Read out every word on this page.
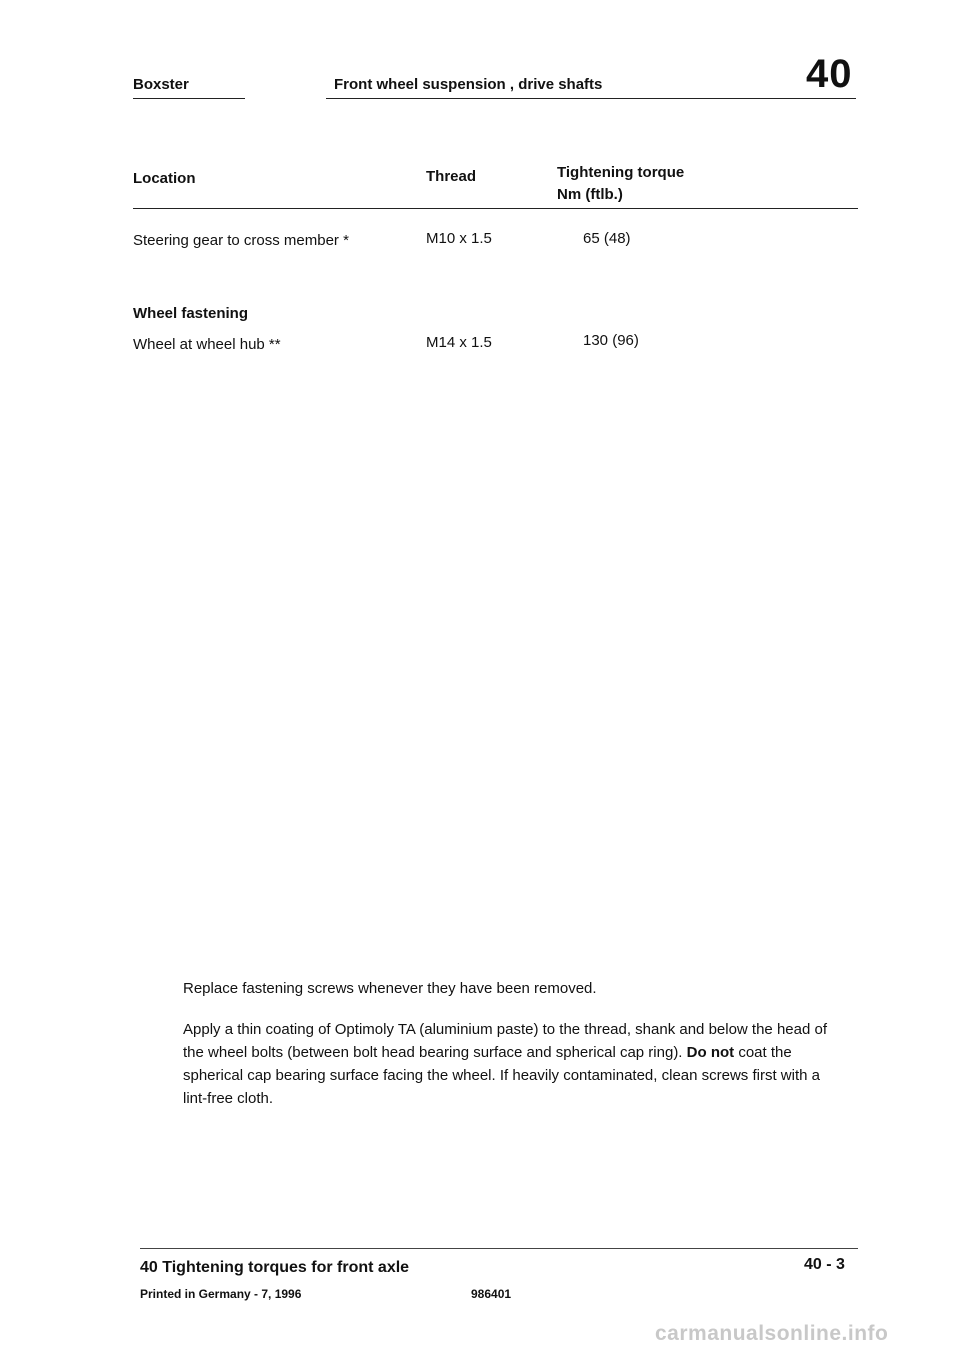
Boxster	Front wheel suspension , drive shafts	40
Location	Thread	Tightening torque
Nm (ftlb.)
Steering gear to cross member *	M10 x 1.5	65 (48)
Wheel fastening
Wheel at wheel hub **	M14 x 1.5	130 (96)
Replace fastening screws whenever they have been removed.
Apply a thin coating of Optimoly TA (aluminium paste) to the thread, shank and below the head of the wheel bolts (between bolt head bearing surface and spherical cap ring). Do not coat the spherical cap bearing surface facing the wheel. If heavily contaminated, clean screws first with a lint-free cloth.
40 Tightening torques for front axle	40 - 3
Printed in Germany - 7, 1996	986401
carmanualsonline.info
